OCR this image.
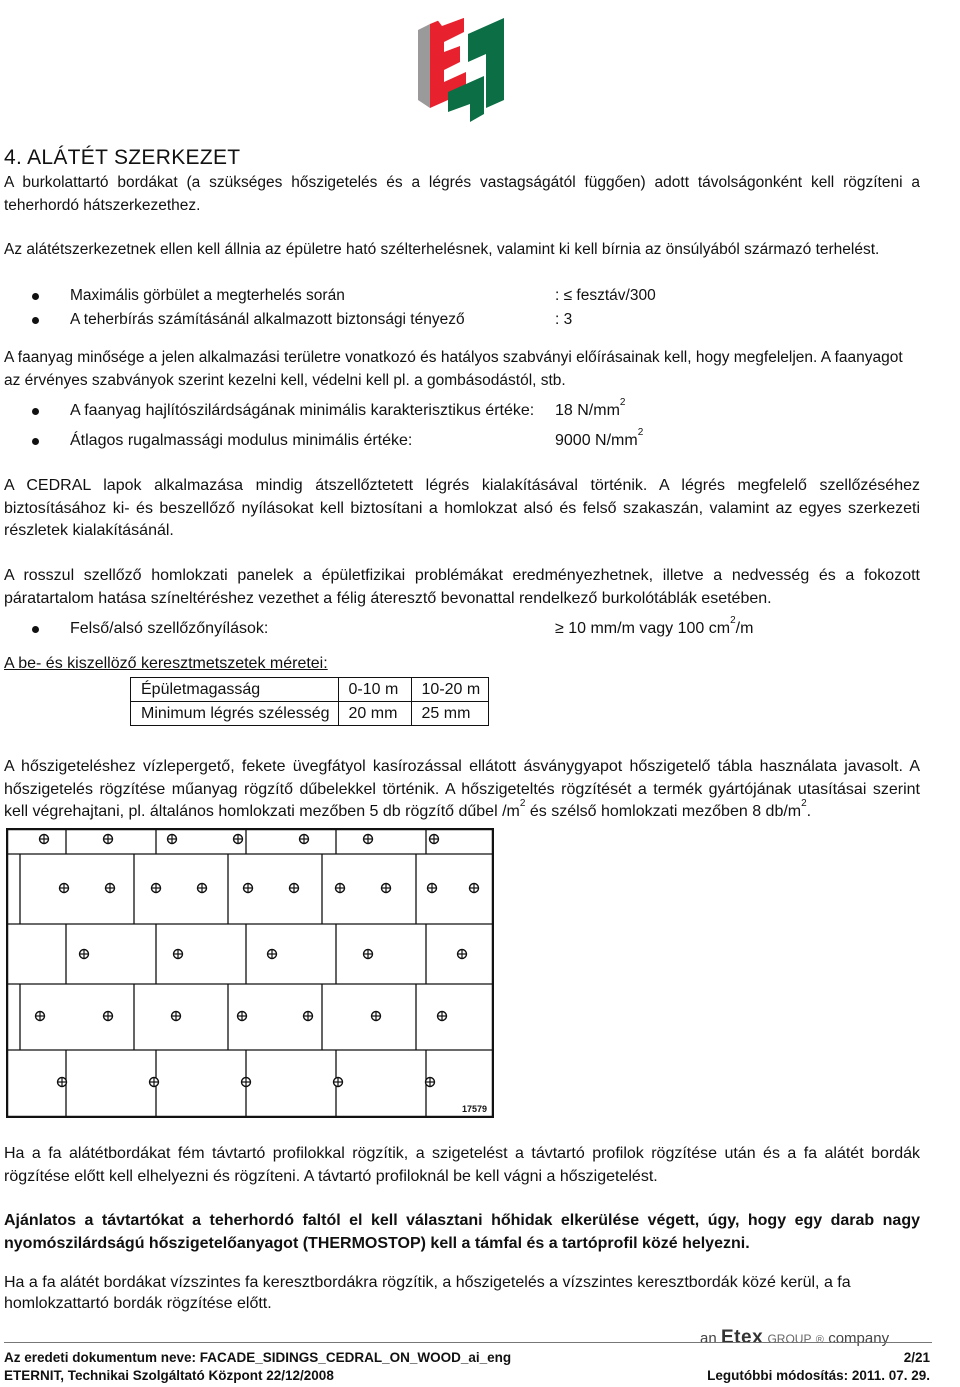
4. ALÁTÉT SZERKEZET
A burkolattartó bordákat (a szükséges hőszigetelés és a légrés vastagságától függően) adott távolságonként kell rögzíteni a teherhordó hátszerkezethez.
Az alátétszerkezetnek ellen kell állnia az épületre ható szélterhelésnek, valamint ki kell bírnia az önsúlyából származó terhelést.
Maximális görbület a megterhelés során	: ≤ fesztáv/300
A teherbírás számításánál alkalmazott biztonsági tényező	: 3
A faanyag minősége a jelen alkalmazási területre vonatkozó és hatályos szabványi előírásainak kell, hogy megfeleljen. A faanyagot az érvényes szabványok szerint kezelni kell, védelni kell pl. a gombásodástól, stb.
A faanyag hajlítószilárdságának minimális karakterisztikus értéke: 18 $N/mm^2$
Átlagos rugalmassági modulus minimális értéke:	9000 $N/mm^2$
A CEDRAL lapok alkalmazása mindig átszellőztetett légrés kialakításával történik. A légrés megfelelő szellőzéséhez biztosításához ki- és beszellőző nyílásokat kell biztosítani a homlokzat alsó és felső szakaszán, valamint az egyes szerkezeti részletek kialakításánál.
A rosszul szellőző homlokzati panelek a épületfizikai problémákat eredményezhetnek, illetve a nedvesség és a fokozott páratartalom hatása színeltéréshez vezethet a félig áteresztő bevonattal rendelkező burkolótáblák esetében.
Felső/alsó szellőzőnyílások:	≥ 10 mm/m vagy 100 $cm^2/m$
A be- és kiszellöző keresztmetszetek méretei:
Épületmagasság	0-10 m	10-20 m
Minimum légrés szélesség	20 mm	25 mm
A hőszigeteléshez vízlepergető, fekete üvegfátyol kasírozással ellátott ásványgyapot hőszigetelő tábla használata javasolt. A hőszigetelés rögzítése műanyag rögzítő dűbelekkel történik. A hőszigeteltés rögzítését a termék gyártójának utasításai szerint kell végrehajtani, pl. általános homlokzati mezőben 5 db rögzítő dűbel $/m^2$ és szélső homlokzati mezőben 8 $db/m^2$.
17579
Ha a fa alátétbordákat fém távtartó profilokkal rögzítik, a szigetelést a távtartó profilok rögzítése után és a fa alátét bordák rögzítése előtt kell elhelyezni és rögzíteni. A távtartó profiloknál be kell vágni a hőszigetelést.
Ajánlatos a távtartókat a teherhordó faltól el kell választani hőhidak elkerülése végett, úgy, hogy egy darab nagy nyomószilárdságú hőszigetelőanyagot (THERMOSTOP) kell a támfal és a tartóprofil közé helyezni.
Ha a fa alátét bordákat vízszintes fa keresztbordákra rögzítik, a hőszigetelés a vízszintes keresztbordák közé kerül, a fa homlokzattartó bordák rögzítése előtt.
an Etex GROUP ® company
Az eredeti dokumentum neve: FACADE_SIDINGS_CEDRAL_ON_WOOD_ai_eng
ETERNIT, Technikai Szolgáltató Központ 22/12/2008
2/21
Legutóbbi módosítás: 2011. 07. 29.
